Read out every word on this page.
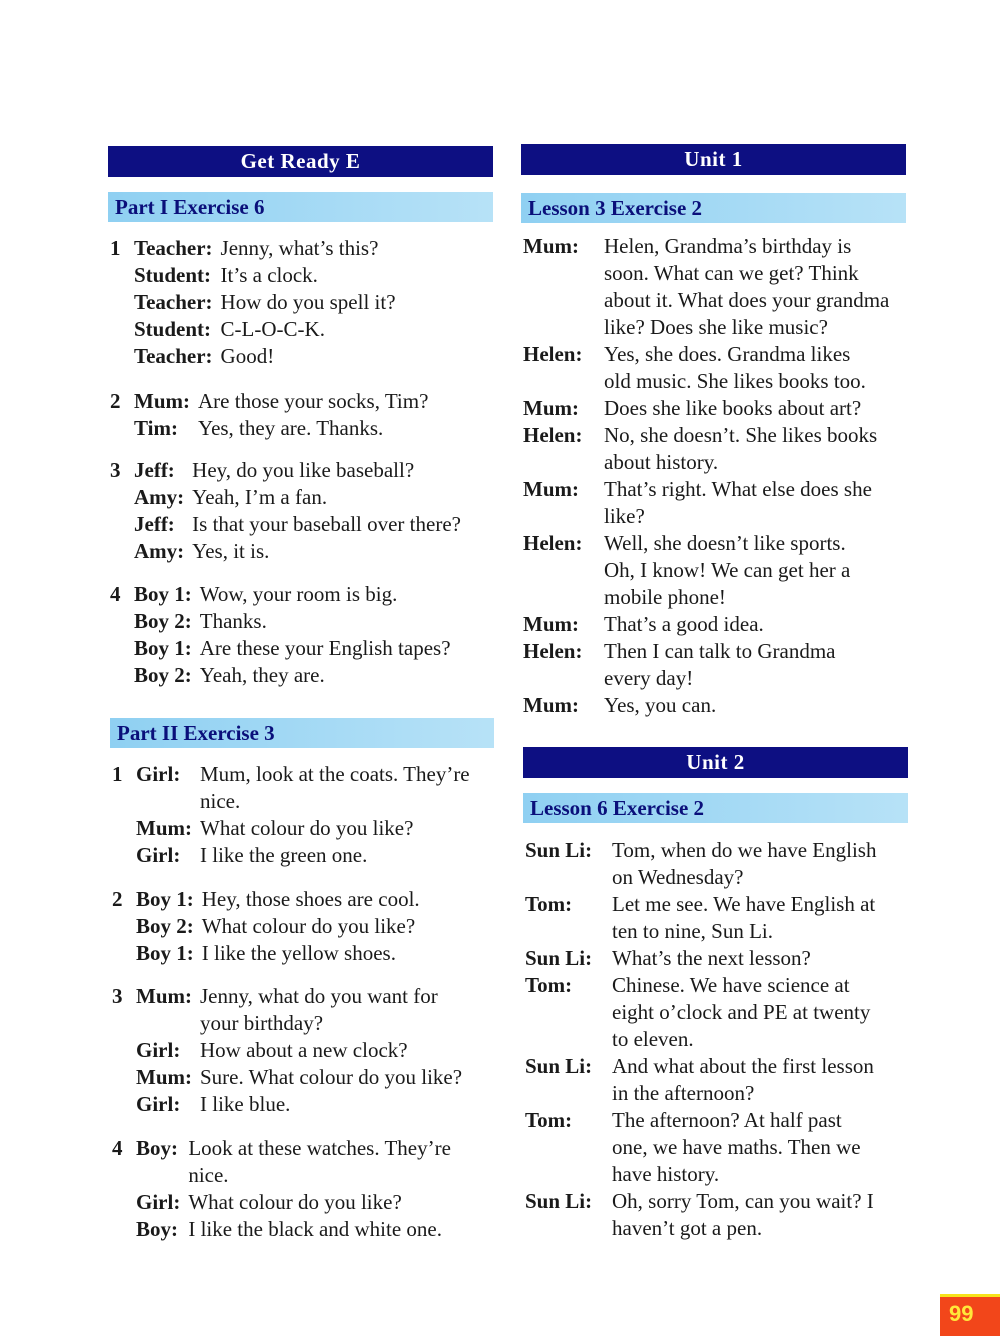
Get Ready E
Part I Exercise 6
Part II Exercise 3
Unit 1
Lesson 3 Exercise 2
Unit 2
Lesson 6 Exercise 2
1 Teacher: Jenny, what’s this?
Student: It’s a clock.
Teacher: How do you spell it?
Student: C-L-O-C-K.
Teacher: Good!
2 Mum: Are those your socks, Tim?
Tim: Yes, they are. Thanks.
3 Jeff: Hey, do you like baseball?
Amy: Yeah, I’m a fan.
Jeff: Is that your baseball over there?
Amy: Yes, it is.
4 Boy 1: Wow, your room is big.
Boy 2: Thanks.
Boy 1: Are these your English tapes?
Boy 2: Yeah, they are.
1 Girl: Mum, look at the coats. They’re
nice.
Mum: What colour do you like?
Girl: I like the green one.
2 Boy 1: Hey, those shoes are cool.
Boy 2: What colour do you like?
Boy 1: I like the yellow shoes.
3 Mum: Jenny, what do you want for
your birthday?
Girl: How about a new clock?
Mum: Sure. What colour do you like?
Girl: I like blue.
4 Boy: Look at these watches. They’re
nice.
Girl: What colour do you like?
Boy: I like the black and white one.
Mum:	Helen, Grandma’s birthday is
soon. What can we get? Think
about it. What does your grandma
like? Does she like music?
Helen:	Yes, she does. Grandma likes
old music. She likes books too.
Mum:	Does she like books about art?
Helen:	No, she doesn’t. She likes books
about history.
Mum:	That’s right. What else does she
like?
Helen:	Well, she doesn’t like sports.
Oh, I know! We can get her a
mobile phone!
Mum:	That’s a good idea.
Helen:	Then I can talk to Grandma
every day!
Mum:	Yes, you can.
Sun Li: Tom, when do we have English
on Wednesday?
Tom:	Let me see. We have English at
ten to nine, Sun Li.
Sun Li: What’s the next lesson?
Tom:	Chinese. We have science at
eight o’clock and PE at twenty
to eleven.
Sun Li: And what about the first lesson
in the afternoon?
Tom:	The afternoon? At half past
one, we have maths. Then we
have history.
Sun Li: Oh, sorry Tom, can you wait? I
haven’t got a pen.
99
